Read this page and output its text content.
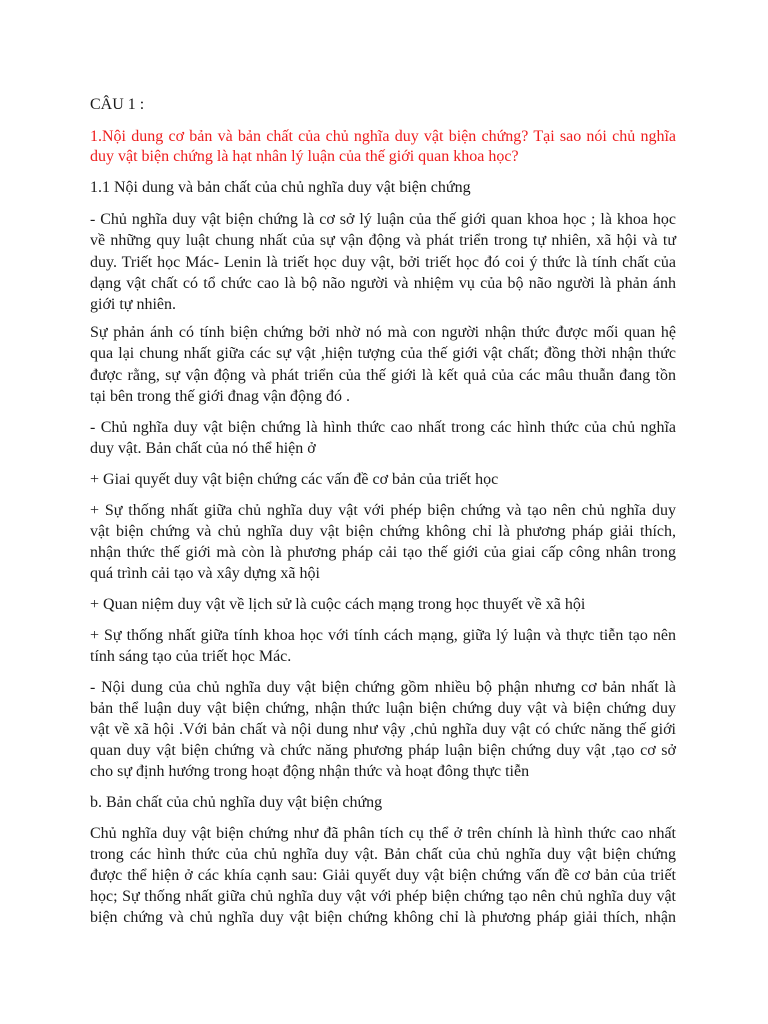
CÂU 1 :

1.Nội dung cơ bản và bản chất của chủ nghĩa duy vật biện chứng? Tại sao nói chủ nghĩa

duy vật biện chứng là hạt nhân lý luận của thế giới quan khoa học?

1.1 Nội dung và bản chất của chủ nghĩa duy vật biện chứng

- Chủ nghĩa duy vật biện chứng là cơ sở lý luận của thế giới quan khoa học ; là khoa học

về những quy luật chung nhất của sự vận động và phát triển trong tự nhiên, xã hội và tư

duy. Triết học Mác- Lenin là triết học duy vật, bởi triết học đó coi ý thức là tính chất của

dạng vật chất có tổ chức cao là bộ não người và nhiệm vụ của bộ não người là phản ánh

giới tự nhiên.

Sự phản ánh có tính biện chứng bởi nhờ nó mà con người nhận thức được mối quan hệ

qua lại chung nhất giữa các sự vật ,hiện tượng của thế giới vật chất; đồng thời nhận thức

được rằng, sự vận động và phát triển của thế giới là kết quả của các mâu thuẫn đang tồn

tại bên trong thế giới đnag vận động đó .

- Chủ nghĩa duy vật biện chứng là hình thức cao nhất trong các hình thức của chủ nghĩa

duy vật. Bản chất của nó thể hiện ở

+ Giai quyết duy vật biện chứng các vấn đề cơ bản của triết học

+ Sự thống nhất giữa chủ nghĩa duy vật với phép biện chứng và tạo nên chủ nghĩa duy

vật biện chứng và chủ nghĩa duy vật biện chứng không chỉ là phương pháp giải thích,

nhận thức thế giới mà còn là phương pháp cải tạo thế giới của giai cấp công nhân trong

quá trình cải tạo và xây dựng xã hội

+ Quan niệm duy vật về lịch sử là cuộc cách mạng trong học thuyết về xã hội

+ Sự thống nhất giữa tính khoa học với tính cách mạng, giữa lý luận và thực tiễn tạo nên

tính sáng tạo của triết học Mác.

- Nội dung của chủ nghĩa duy vật biện chứng gồm nhiều bộ phận nhưng cơ bản nhất là

bản thể luận duy vật biện chứng, nhận thức luận biện chứng duy vật và biện chứng duy

vật về xã hội .Với bản chất và nội dung như vậy ,chủ nghĩa duy vật có chức năng thế giới

quan duy vật biện chứng và chức năng phương pháp luận biện chứng duy vật ,tạo cơ sở

cho sự định hướng trong hoạt động nhận thức và hoạt đông thực tiễn

b. Bản chất của chủ nghĩa duy vật biện chứng

Chủ nghĩa duy vật biện chứng như đã phân tích cụ thể ở trên chính là hình thức cao nhất

trong các hình thức của chủ nghĩa duy vật. Bản chất của chủ nghĩa duy vật biện chứng

được thể hiện ở các khía cạnh sau: Giải quyết duy vật biện chứng vấn đề cơ bản của triết

học; Sự thống nhất giữa chủ nghĩa duy vật với phép biện chứng tạo nên chủ nghĩa duy vật

biện chứng và chủ nghĩa duy vật biện chứng không chỉ là phương pháp giải thích, nhận
